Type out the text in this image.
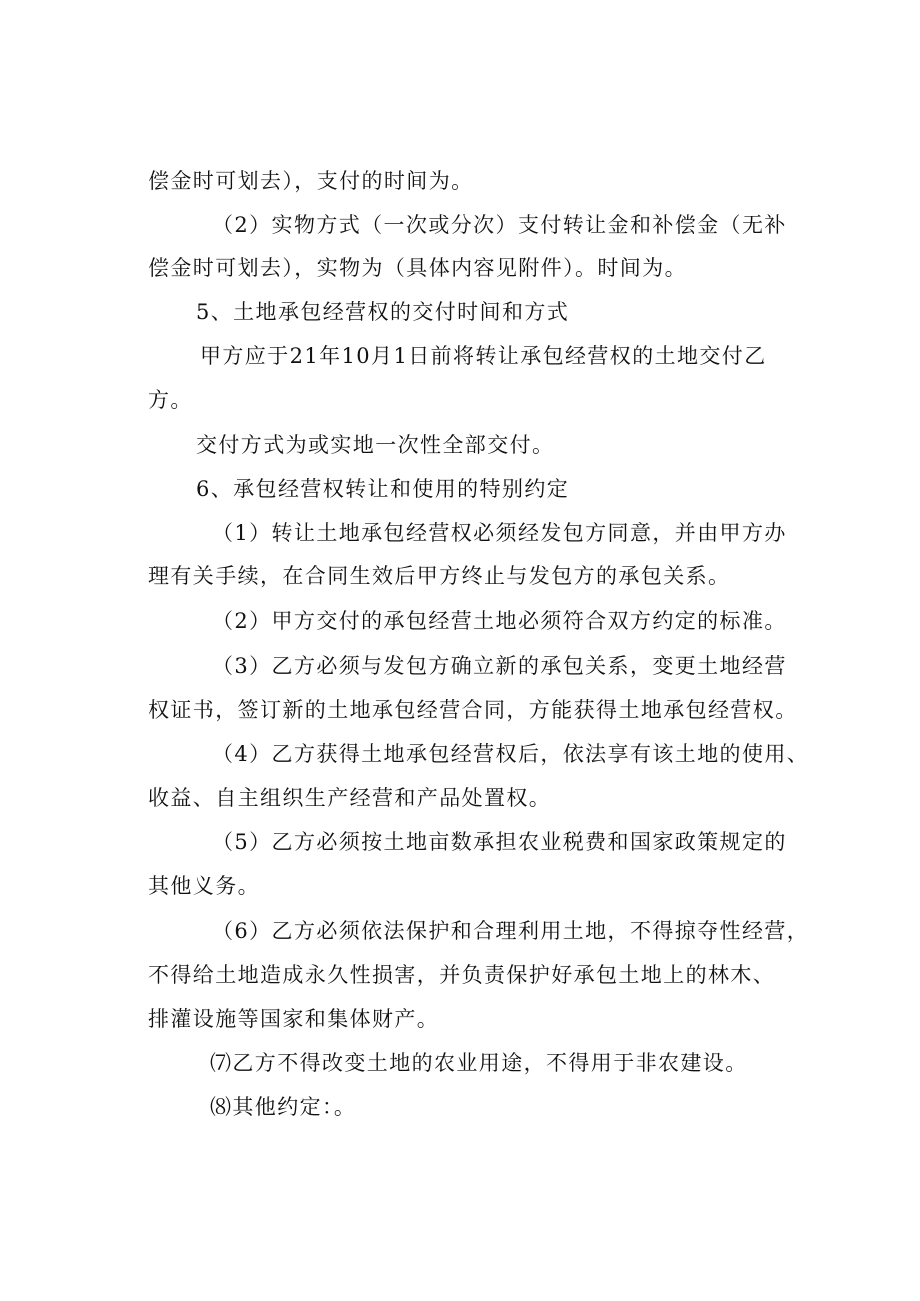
偿金时可划去），支付的时间为。
（2）实物方式（一次或分次）支付转让金和补偿金（无补
偿金时可划去），实物为（具体内容见附件）。时间为。
5、土地承包经营权的交付时间和方式
甲方应于21年10月1日前将转让承包经营权的土地交付乙
方。
交付方式为或实地一次性全部交付。
6、承包经营权转让和使用的特别约定
（1）转让土地承包经营权必须经发包方同意，并由甲方办
理有关手续，在合同生效后甲方终止与发包方的承包关系。
（2）甲方交付的承包经营土地必须符合双方约定的标准。
（3）乙方必须与发包方确立新的承包关系，变更土地经营
权证书，签订新的土地承包经营合同，方能获得土地承包经营权。
（4）乙方获得土地承包经营权后，依法享有该土地的使用、
收益、自主组织生产经营和产品处置权。
（5）乙方必须按土地亩数承担农业税费和国家政策规定的
其他义务。
（6）乙方必须依法保护和合理利用土地，不得掠夺性经营，
不得给土地造成永久性损害，并负责保护好承包土地上的林木、
排灌设施等国家和集体财产。
⑺乙方不得改变土地的农业用途，不得用于非农建设。
⑻其他约定：。
